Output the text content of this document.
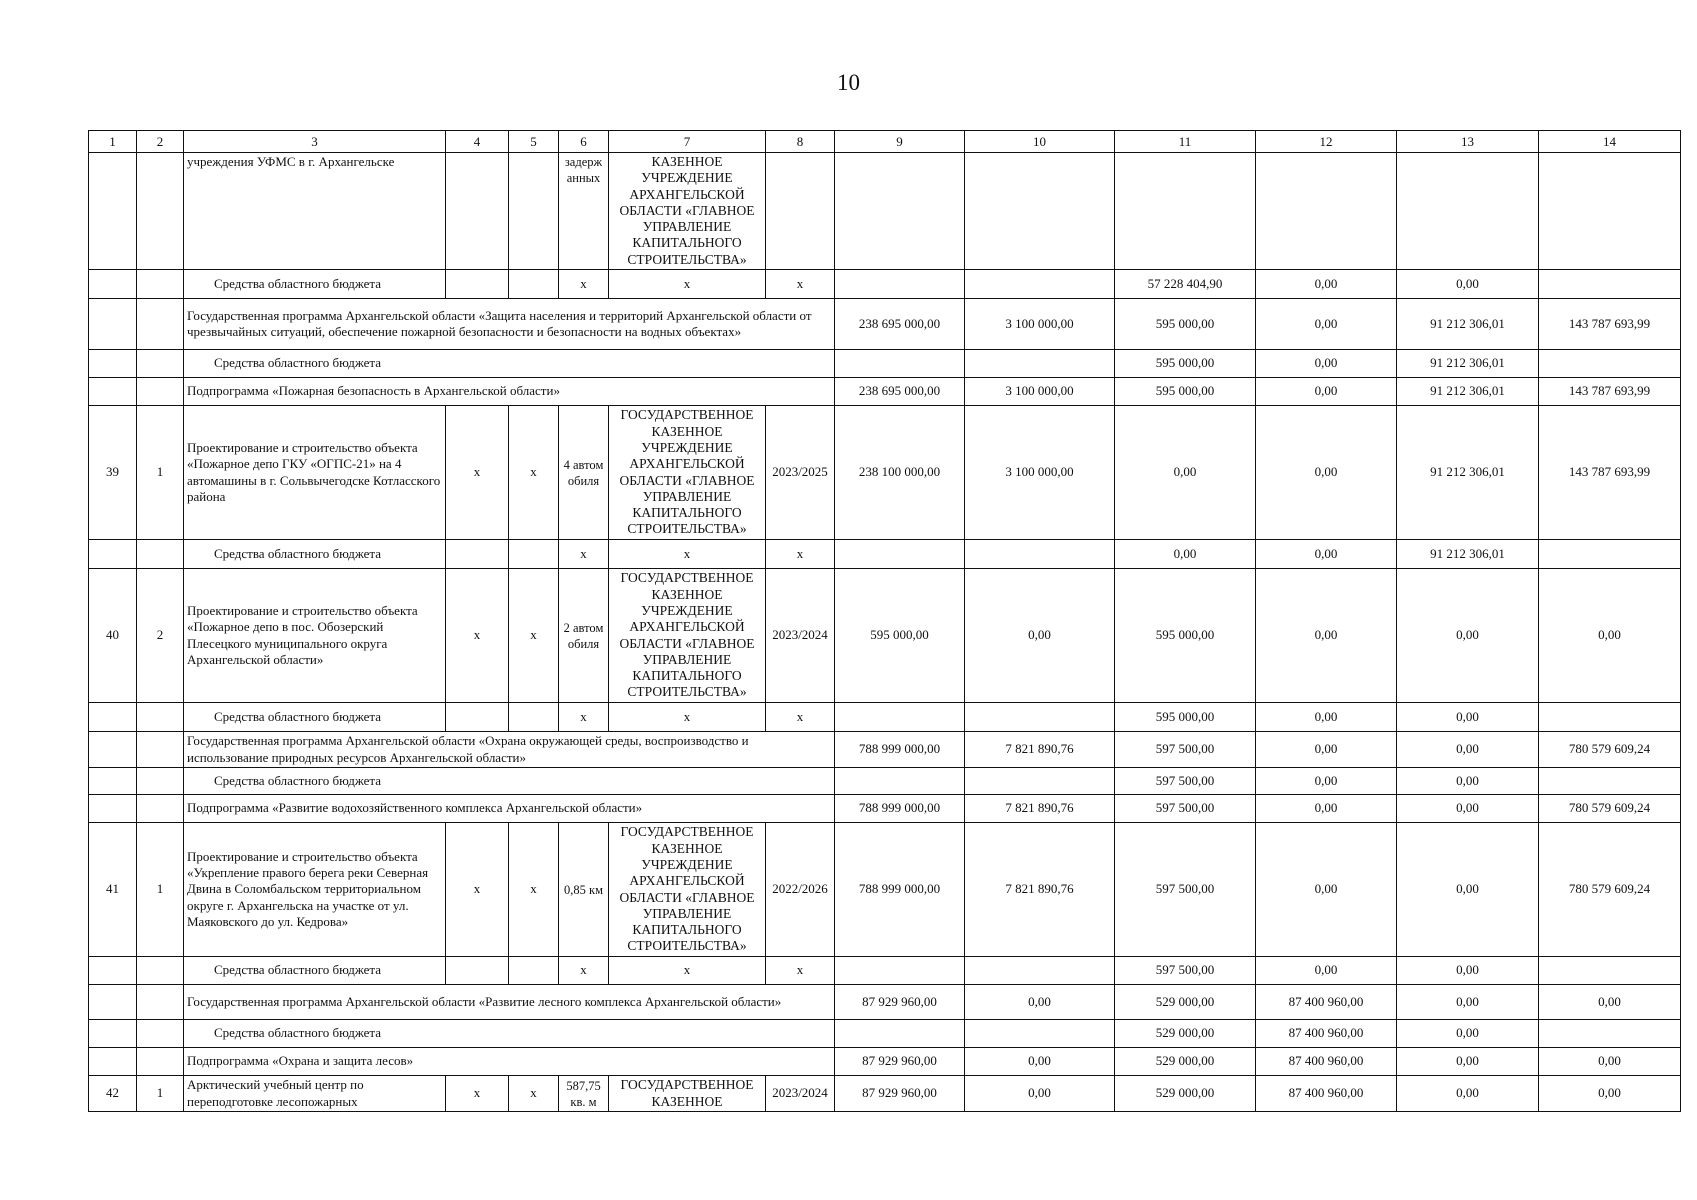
10
1	2	3	4	5	6	7	8	9	10	11	12	13	14
		учреждения УФМС в г. Архангельске			задерж анных	КАЗЕННОЕ УЧРЕЖДЕНИЕ АРХАНГЕЛЬСКОЙ ОБЛАСТИ «ГЛАВНОЕ УПРАВЛЕНИЕ КАПИТАЛЬНОГО СТРОИТЕЛЬСТВА»							
		Средства областного бюджета			х	х	х			57 228 404,90	0,00	0,00	
		Государственная программа Архангельской области «Защита населения и территорий Архангельской области от чрезвычайных ситуаций, обеспечение пожарной безопасности и безопасности на водных объектах»						238 695 000,00	3 100 000,00	595 000,00	0,00	91 212 306,01	143 787 693,99
		Средства областного бюджета								595 000,00	0,00	91 212 306,01	
		Подпрограмма «Пожарная безопасность в Архангельской области»						238 695 000,00	3 100 000,00	595 000,00	0,00	91 212 306,01	143 787 693,99
39	1	Проектирование и строительство объекта «Пожарное депо ГКУ «ОГПС-21» на 4 автомашины в г. Сольвычегодске Котласского района	х	х	4 автом обиля	ГОСУДАРСТВЕННОЕ КАЗЕННОЕ УЧРЕЖДЕНИЕ АРХАНГЕЛЬСКОЙ ОБЛАСТИ «ГЛАВНОЕ УПРАВЛЕНИЕ КАПИТАЛЬНОГО СТРОИТЕЛЬСТВА»	2023/2025	238 100 000,00	3 100 000,00	0,00	0,00	91 212 306,01	143 787 693,99
		Средства областного бюджета			х	х	х			0,00	0,00	91 212 306,01	
40	2	Проектирование и строительство объекта «Пожарное депо в пос. Обозерский Плесецкого муниципального округа Архангельской области»	х	х	2 автом обиля	ГОСУДАРСТВЕННОЕ КАЗЕННОЕ УЧРЕЖДЕНИЕ АРХАНГЕЛЬСКОЙ ОБЛАСТИ «ГЛАВНОЕ УПРАВЛЕНИЕ КАПИТАЛЬНОГО СТРОИТЕЛЬСТВА»	2023/2024	595 000,00	0,00	595 000,00	0,00	0,00	0,00
		Средства областного бюджета			х	х	х			595 000,00	0,00	0,00	
		Государственная программа Архангельской области «Охрана окружающей среды, воспроизводство и использование природных ресурсов Архангельской области»						788 999 000,00	7 821 890,76	597 500,00	0,00	0,00	780 579 609,24
		Средства областного бюджета								597 500,00	0,00	0,00	
		Подпрограмма «Развитие водохозяйственного комплекса Архангельской области»						788 999 000,00	7 821 890,76	597 500,00	0,00	0,00	780 579 609,24
41	1	Проектирование и строительство объекта «Укрепление правого берега реки Северная Двина в Соломбальском территориальном округе г. Архангельска на участке от ул. Маяковского до ул. Кедрова»	х	х	0,85 км	ГОСУДАРСТВЕННОЕ КАЗЕННОЕ УЧРЕЖДЕНИЕ АРХАНГЕЛЬСКОЙ ОБЛАСТИ «ГЛАВНОЕ УПРАВЛЕНИЕ КАПИТАЛЬНОГО СТРОИТЕЛЬСТВА»	2022/2026	788 999 000,00	7 821 890,76	597 500,00	0,00	0,00	780 579 609,24
		Средства областного бюджета			х	х	х			597 500,00	0,00	0,00	
		Государственная программа Архангельской области «Развитие лесного комплекса Архангельской области»						87 929 960,00	0,00	529 000,00	87 400 960,00	0,00	0,00
		Средства областного бюджета								529 000,00	87 400 960,00	0,00	
		Подпрограмма «Охрана и защита лесов»						87 929 960,00	0,00	529 000,00	87 400 960,00	0,00	0,00
42	1	Арктический учебный центр по переподготовке лесопожарных	х	х	587,75 кв. м	ГОСУДАРСТВЕННОЕ КАЗЕННОЕ	2023/2024	87 929 960,00	0,00	529 000,00	87 400 960,00	0,00	0,00
